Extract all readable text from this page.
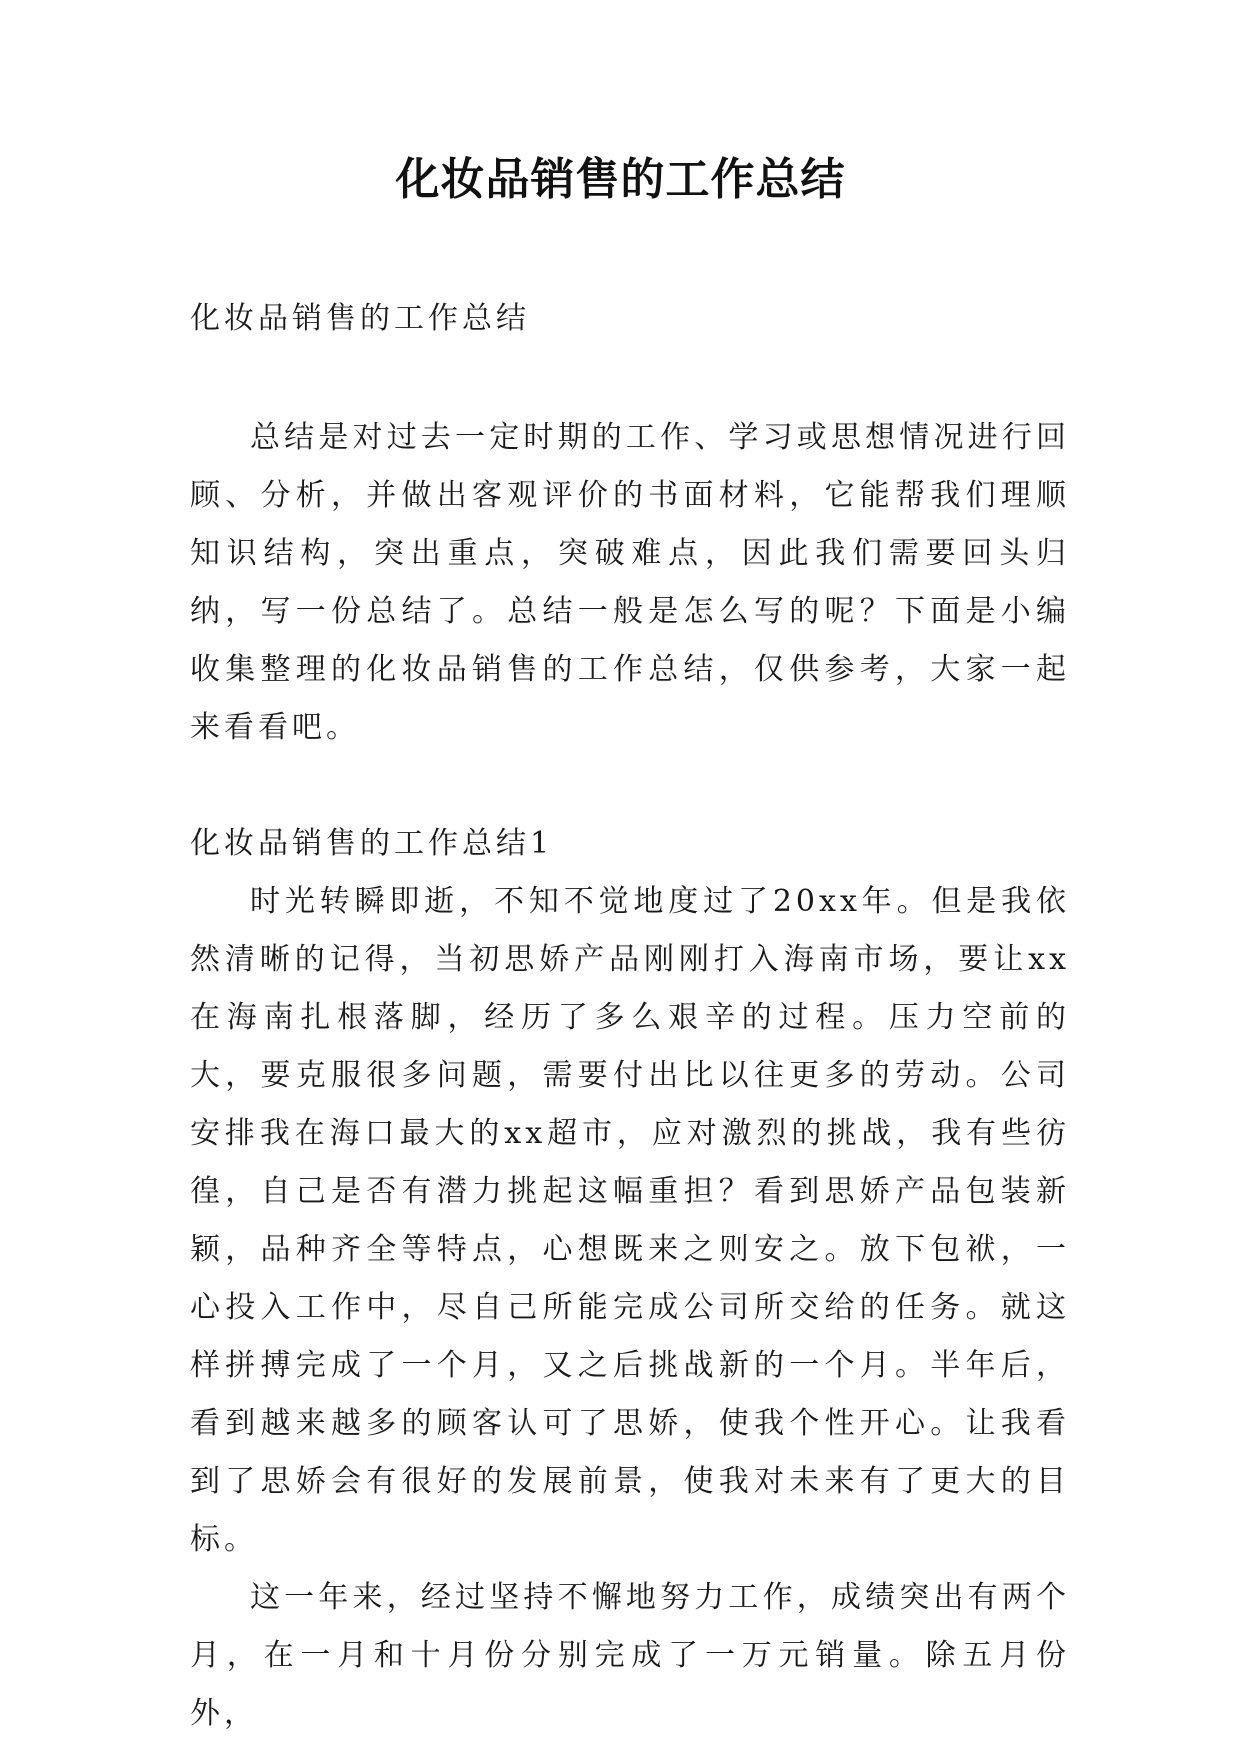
化妆品销售的工作总结

化妆品销售的工作总结

总结是对过去一定时期的工作、学习或思想情况进行回顾、分析，并做出客观评价的书面材料，它能帮我们理顺知识结构，突出重点，突破难点，因此我们需要回头归纳，写一份总结了。总结一般是怎么写的呢？下面是小编收集整理的化妆品销售的工作总结，仅供参考，大家一起来看看吧。

化妆品销售的工作总结1

时光转瞬即逝，不知不觉地度过了20xx年。但是我依然清晰的记得，当初思娇产品刚刚打入海南市场，要让xx在海南扎根落脚，经历了多么艰辛的过程。压力空前的大，要克服很多问题，需要付出比以往更多的劳动。公司安排我在海口最大的xx超市，应对激烈的挑战，我有些彷徨，自己是否有潜力挑起这幅重担？看到思娇产品包装新颖，品种齐全等特点，心想既来之则安之。放下包袱，一心投入工作中，尽自己所能完成公司所交给的任务。就这样拼搏完成了一个月，又之后挑战新的一个月。半年后，看到越来越多的顾客认可了思娇，使我个性开心。让我看到了思娇会有很好的发展前景，使我对未来有了更大的目标。

这一年来，经过坚持不懈地努力工作，成绩突出有两个月，在一月和十月份分别完成了一万元销量。除五月份外，
